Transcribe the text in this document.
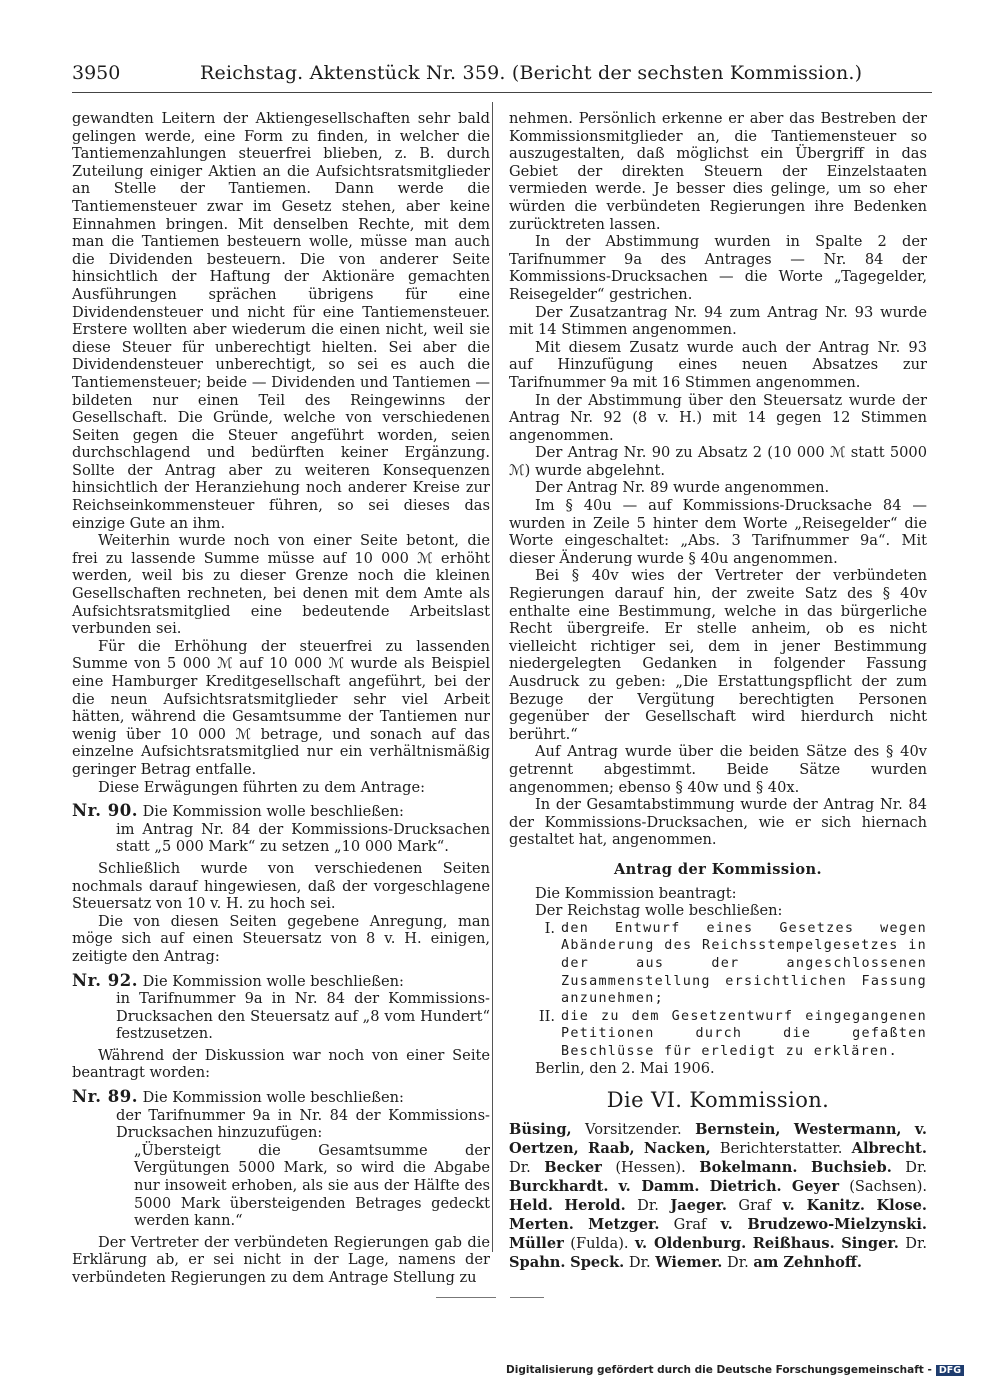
3950	Reichstag. Aktenstück Nr. 359. (Bericht der sechsten Kommission.)

gewandten Leitern der Aktiengesellschaften sehr bald gelingen werde, eine Form zu finden, in welcher die Tantiemenzahlungen steuerfrei blieben, z. B. durch Zuteilung einiger Aktien an die Aufsichtsratsmitglieder an Stelle der Tantiemen. Dann werde die Tantiemensteuer zwar im Gesetz stehen, aber keine Einnahmen bringen. Mit denselben Rechte, mit dem man die Tantiemen besteuern wolle, müsse man auch die Dividenden besteuern. Die von anderer Seite hinsichtlich der Haftung der Aktionäre gemachten Ausführungen sprächen übrigens für eine Dividendensteuer und nicht für eine Tantiemensteuer. Erstere wollten aber wiederum die einen nicht, weil sie diese Steuer für unberechtigt hielten. Sei aber die Dividendensteuer unberechtigt, so sei es auch die Tantiemensteuer; beide — Dividenden und Tantiemen — bildeten nur einen Teil des Reingewinns der Gesellschaft. Die Gründe, welche von verschiedenen Seiten gegen die Steuer angeführt worden, seien durchschlagend und bedürften keiner Ergänzung. Sollte der Antrag aber zu weiteren Konsequenzen hinsichtlich der Heranziehung noch anderer Kreise zur Reichseinkommensteuer führen, so sei dieses das einzige Gute an ihm.

Weiterhin wurde noch von einer Seite betont, die frei zu lassende Summe müsse auf 10 000 ℳ erhöht werden, weil bis zu dieser Grenze noch die kleinen Gesellschaften rechneten, bei denen mit dem Amte als Aufsichtsratsmitglied eine bedeutende Arbeitslast verbunden sei.

Für die Erhöhung der steuerfrei zu lassenden Summe von 5 000 ℳ auf 10 000 ℳ wurde als Beispiel eine Hamburger Kreditgesellschaft angeführt, bei der die neun Aufsichtsratsmitglieder sehr viel Arbeit hätten, während die Gesamtsumme der Tantiemen nur wenig über 10 000 ℳ betrage, und sonach auf das einzelne Aufsichtsratsmitglied nur ein verhältnismäßig geringer Betrag entfalle.

Diese Erwägungen führten zu dem Antrage:

Nr. 90. Die Kommission wolle beschließen:
im Antrag Nr. 84 der Kommissions-Drucksachen statt „5 000 Mark“ zu setzen „10 000 Mark“.

Schließlich wurde von verschiedenen Seiten nochmals darauf hingewiesen, daß der vorgeschlagene Steuersatz von 10 v. H. zu hoch sei.

Die von diesen Seiten gegebene Anregung, man möge sich auf einen Steuersatz von 8 v. H. einigen, zeitigte den Antrag:

Nr. 92. Die Kommission wolle beschließen:
in Tarifnummer 9a in Nr. 84 der Kommissions-Drucksachen den Steuersatz auf „8 vom Hundert“ festzusetzen.

Während der Diskussion war noch von einer Seite beantragt worden:

Nr. 89. Die Kommission wolle beschließen:
der Tarifnummer 9a in Nr. 84 der Kommissions-Drucksachen hinzuzufügen:
„Übersteigt die Gesamtsumme der Vergütungen 5000 Mark, so wird die Abgabe nur insoweit erhoben, als sie aus der Hälfte des 5000 Mark übersteigenden Betrages gedeckt werden kann.“

Der Vertreter der verbündeten Regierungen gab die Erklärung ab, er sei nicht in der Lage, namens der verbündeten Regierungen zu dem Antrage Stellung zu

nehmen. Persönlich erkenne er aber das Bestreben der Kommissionsmitglieder an, die Tantiemensteuer so auszugestalten, daß möglichst ein Übergriff in das Gebiet der direkten Steuern der Einzelstaaten vermieden werde. Je besser dies gelinge, um so eher würden die verbündeten Regierungen ihre Bedenken zurücktreten lassen.

In der Abstimmung wurden in Spalte 2 der Tarifnummer 9a des Antrages — Nr. 84 der Kommissions-Drucksachen — die Worte „Tagegelder, Reisegelder“ gestrichen.

Der Zusatzantrag Nr. 94 zum Antrag Nr. 93 wurde mit 14 Stimmen angenommen.

Mit diesem Zusatz wurde auch der Antrag Nr. 93 auf Hinzufügung eines neuen Absatzes zur Tarifnummer 9a mit 16 Stimmen angenommen.

In der Abstimmung über den Steuersatz wurde der Antrag Nr. 92 (8 v. H.) mit 14 gegen 12 Stimmen angenommen.

Der Antrag Nr. 90 zu Absatz 2 (10 000 ℳ statt 5000 ℳ) wurde abgelehnt.

Der Antrag Nr. 89 wurde angenommen.

Im § 40u — auf Kommissions-Drucksache 84 — wurden in Zeile 5 hinter dem Worte „Reisegelder“ die Worte eingeschaltet: „Abs. 3 Tarifnummer 9a“. Mit dieser Änderung wurde § 40u angenommen.

Bei § 40v wies der Vertreter der verbündeten Regierungen darauf hin, der zweite Satz des § 40v enthalte eine Bestimmung, welche in das bürgerliche Recht übergreife. Er stelle anheim, ob es nicht vielleicht richtiger sei, dem in jener Bestimmung niedergelegten Gedanken in folgender Fassung Ausdruck zu geben: „Die Erstattungspflicht der zum Bezuge der Vergütung berechtigten Personen gegenüber der Gesellschaft wird hierdurch nicht berührt.“

Auf Antrag wurde über die beiden Sätze des § 40v getrennt abgestimmt. Beide Sätze wurden angenommen; ebenso § 40w und § 40x.

In der Gesamtabstimmung wurde der Antrag Nr. 84 der Kommissions-Drucksachen, wie er sich hiernach gestaltet hat, angenommen.

Antrag der Kommission.

Die Kommission beantragt:

Der Reichstag wolle beschließen:

I. den Entwurf eines Gesetzes wegen Abänderung des Reichsstempelgesetzes in der aus der angeschlossenen Zusammenstellung ersichtlichen Fassung anzunehmen;
II. die zu dem Gesetzentwurf eingegangenen Petitionen durch die gefaßten Beschlüsse für erledigt zu erklären.

Berlin, den 2. Mai 1906.

Die VI. Kommission.

Büsing, Vorsitzender. Bernstein, Westermann, v. Oertzen, Raab, Nacken, Berichterstatter. Albrecht. Dr. Becker (Hessen). Bokelmann. Buchsieb. Dr. Burckhardt. v. Damm. Dietrich. Geyer (Sachsen). Held. Herold. Dr. Jaeger. Graf v. Kanitz. Klose. Merten. Metzger. Graf v. Brudzewo-Mielzynski. Müller (Fulda). v. Oldenburg. Reißhaus. Singer. Dr. Spahn. Speck. Dr. Wiemer. Dr. am Zehnhoff.

Digitalisierung gefördert durch die Deutsche Forschungsgemeinschaft - DFG
